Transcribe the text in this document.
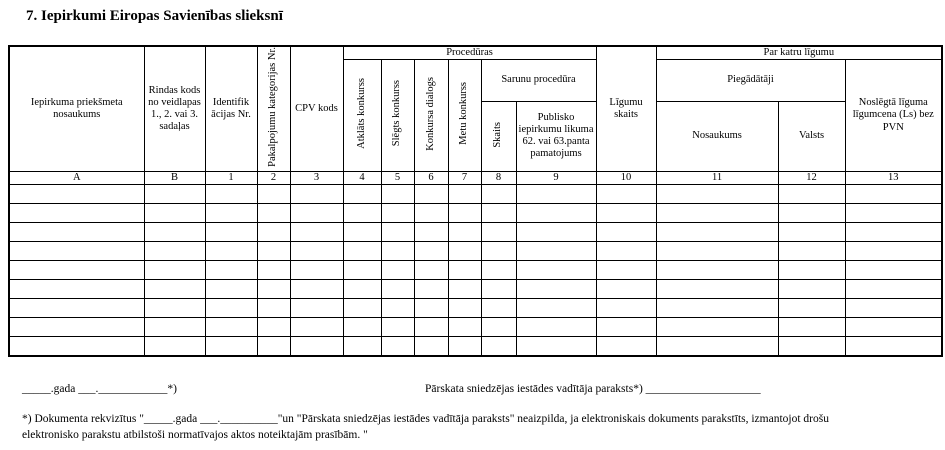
7. Iepirkumi Eiropas Savienības slieksnī
Iepirkuma priekšmeta nosaukums	Rindas kods no veidlapas 1., 2. vai 3. sadaļas	Identifik ācijas Nr.	Pakalpojumu kategorijas Nr.	CPV kods	Procedūras						Līgumu skaits	Par katru līgumu		
					Atklāts konkurss	Slēgts konkurss	Konkursa dialogs	Metu konkurss	Sarunu procedūra			Piegādātāji		Noslēgtā līguma līgumcena (Ls) bez PVN
									Skaits	Publisko iepirkumu likuma 62. vai 63.panta pamatojums		Nosaukums	Valsts	
A	B	1	2	3	4	5	6	7	8	9	10	11	12	13

_____.gada ___.____________*)	Pārskata sniedzējas iestādes vadītāja paraksts*) ____________________
*) Dokumenta rekvizītus "_____.gada ___.__________"un "Pārskata sniedzējas iestādes vadītāja paraksts" neaizpilda, ja elektroniskais dokuments parakstīts, izmantojot drošu
elektronisko parakstu atbilstoši normatīvajos aktos noteiktajām prasībām. "
